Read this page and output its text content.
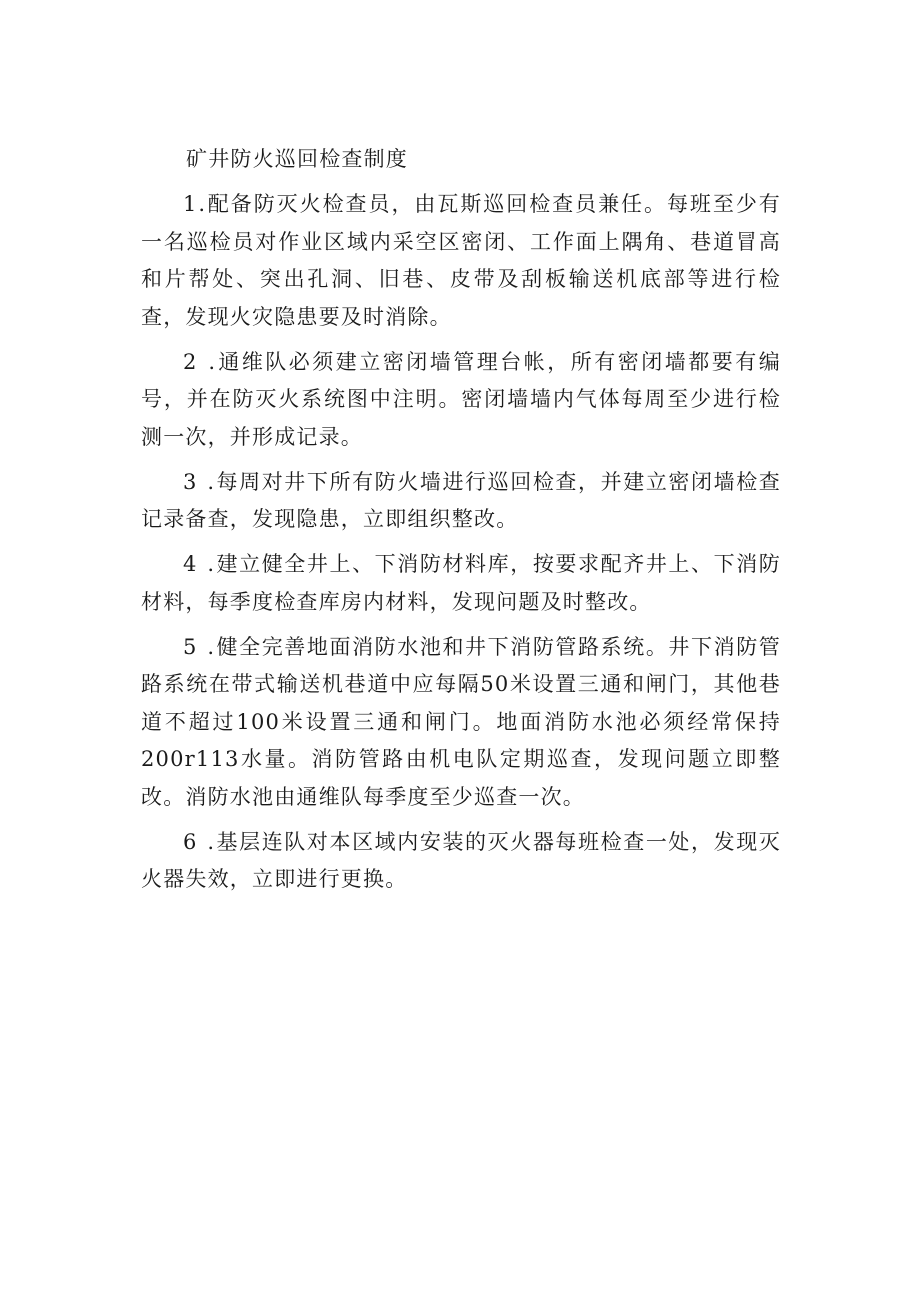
矿井防火巡回检查制度

1.配备防灭火检查员，由瓦斯巡回检查员兼任。每班至少有一名巡检员对作业区域内采空区密闭、工作面上隅角、巷道冒高和片帮处、突出孔洞、旧巷、皮带及刮板输送机底部等进行检查，发现火灾隐患要及时消除。

2 .通维队必须建立密闭墙管理台帐，所有密闭墙都要有编号，并在防灭火系统图中注明。密闭墙墙内气体每周至少进行检测一次，并形成记录。

3 .每周对井下所有防火墙进行巡回检查，并建立密闭墙检查记录备查，发现隐患，立即组织整改。

4 .建立健全井上、下消防材料库，按要求配齐井上、下消防材料，每季度检查库房内材料，发现问题及时整改。

5 .健全完善地面消防水池和井下消防管路系统。井下消防管路系统在带式输送机巷道中应每隔50米设置三通和闸门，其他巷道不超过100米设置三通和闸门。地面消防水池必须经常保持200r113水量。消防管路由机电队定期巡查，发现问题立即整改。消防水池由通维队每季度至少巡查一次。

6 .基层连队对本区域内安装的灭火器每班检查一处，发现灭火器失效，立即进行更换。
